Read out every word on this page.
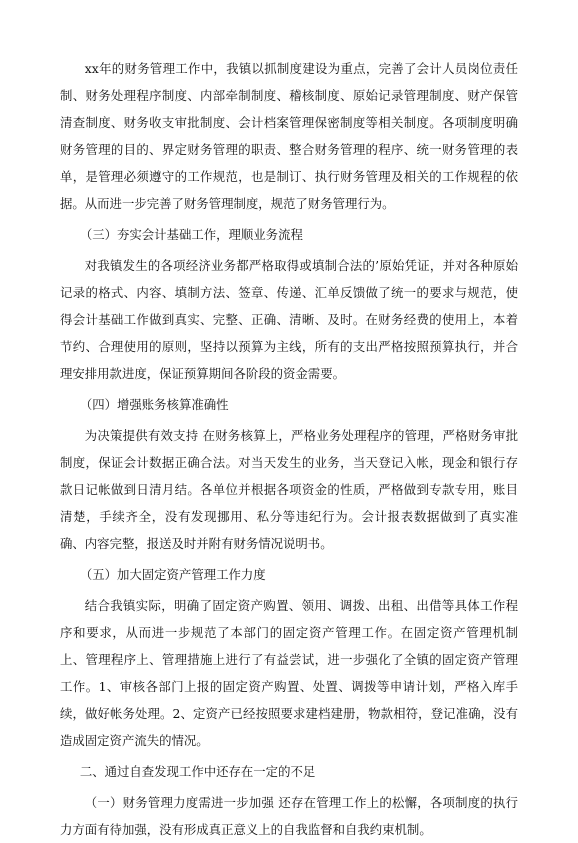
xx年的财务管理工作中，我镇以抓制度建设为重点，完善了会计人员岗位责任制、财务处理程序制度、内部牵制制度、稽核制度、原始记录管理制度、财产保管清查制度、财务收支审批制度、会计档案管理保密制度等相关制度。各项制度明确财务管理的目的、界定财务管理的职责、整合财务管理的程序、统一财务管理的表单，是管理必须遵守的工作规范，也是制订、执行财务管理及相关的工作规程的依据。从而进一步完善了财务管理制度，规范了财务管理行为。

（三）夯实会计基础工作，理顺业务流程

对我镇发生的各项经济业务都严格取得或填制合法的’原始凭证，并对各种原始记录的格式、内容、填制方法、签章、传递、汇单反馈做了统一的要求与规范，使得会计基础工作做到真实、完整、正确、清晰、及时。在财务经费的使用上，本着节约、合理使用的原则，坚持以预算为主线，所有的支出严格按照预算执行，并合理安排用款进度，保证预算期间各阶段的资金需要。

（四）增强账务核算准确性

为决策提供有效支持 在财务核算上，严格业务处理程序的管理，严格财务审批制度，保证会计数据正确合法。对当天发生的业务，当天登记入帐，现金和银行存款日记帐做到日清月结。各单位并根据各项资金的性质，严格做到专款专用，账目清楚，手续齐全，没有发现挪用、私分等违纪行为。会计报表数据做到了真实准确、内容完整，报送及时并附有财务情况说明书。

（五）加大固定资产管理工作力度

结合我镇实际，明确了固定资产购置、领用、调拨、出租、出借等具体工作程序和要求，从而进一步规范了本部门的固定资产管理工作。在固定资产管理机制上、管理程序上、管理措施上进行了有益尝试，进一步强化了全镇的固定资产管理工作。1、审核各部门上报的固定资产购置、处置、调拨等申请计划，严格入库手续，做好帐务处理。2、定资产已经按照要求建档建册，物款相符，登记准确，没有造成固定资产流失的情况。

二、通过自查发现工作中还存在一定的不足

（一）财务管理力度需进一步加强 还存在管理工作上的松懈，各项制度的执行力方面有待加强，没有形成真正意义上的自我监督和自我约束机制。
